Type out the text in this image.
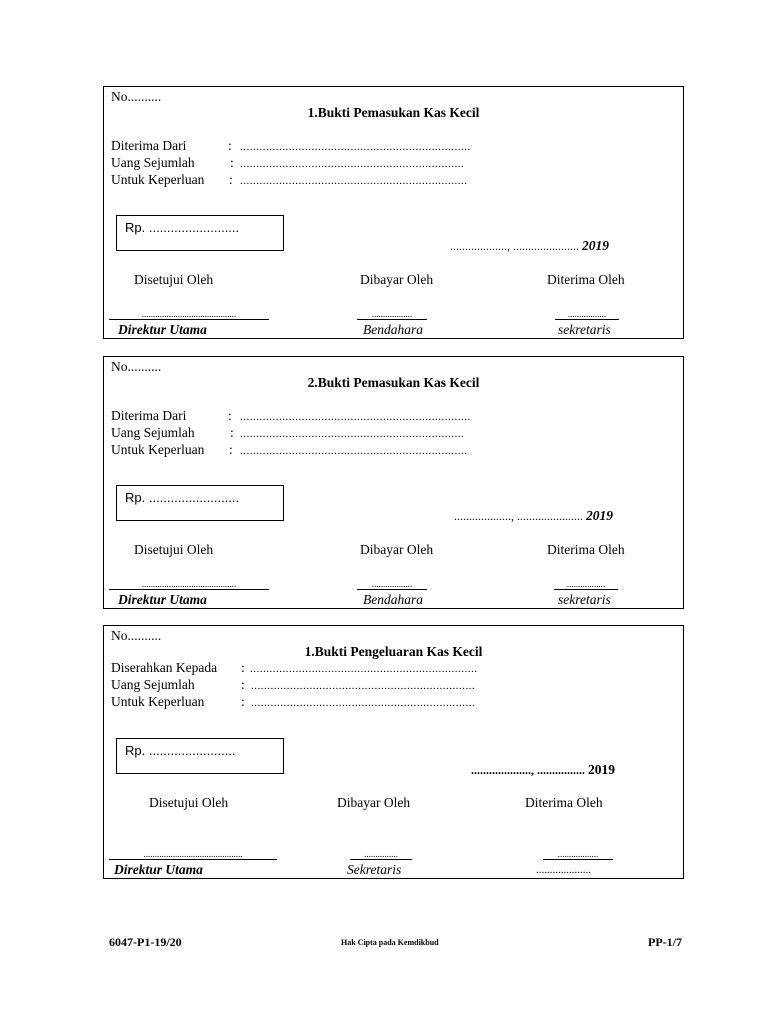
No..........
1.Bukti Pemasukan Kas Kecil
Diterima Dari	: .......................................................................
Uang Sejumlah	: .....................................................................
Untuk Keperluan : ......................................................................
Rp. .........................
..................., ...................... 2019
Disetujui Oleh	Dibayar Oleh	Diterima Oleh
..........................................	..................	.................
Direktur Utama	Bendahara	sekretaris
No..........
2.Bukti Pemasukan Kas Kecil
Diterima Dari	: .......................................................................
Uang Sejumlah	: .....................................................................
Untuk Keperluan : ......................................................................
Rp. .........................
..................., ...................... 2019
Disetujui Oleh	Dibayar Oleh	Diterima Oleh
..........................................	..................	.................
Direktur Utama	Bendahara	sekretaris
No..........
1.Bukti Pengeluaran Kas Kecil
Diserahkan Kepada : ......................................................................
Uang Sejumlah	: .....................................................................
Untuk Keperluan	: .....................................................................
Rp. ........................
...................., ................ 2019
Disetujui Oleh	Dibayar Oleh	Diterima Oleh
............................................	...............	..................
Direktur Utama	Sekretaris	....................
6047-P1-19/20	Hak Cipta pada Kemdikbud	PP-1/7
